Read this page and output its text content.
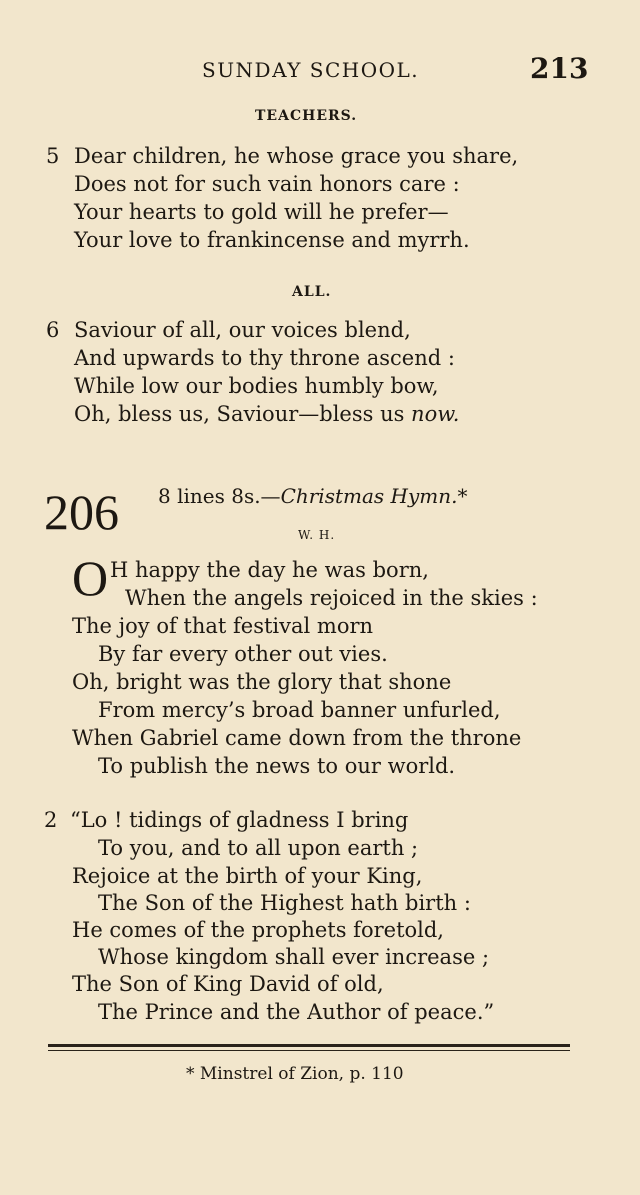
SUNDAY SCHOOL.	213
TEACHERS.
5 Dear children, he whose grace you share,
Does not for such vain honors care :
Your hearts to gold will he prefer—
Your love to frankincense and myrrh.
ALL.
6 Saviour of all, our voices blend,
And upwards to thy throne ascend :
While low our bodies humbly bow,
Oh, bless us, Saviour—bless us now.
206 8 lines 8s.—Christmas Hymn.*
W. H.
O H happy the day he was born,
When the angels rejoiced in the skies :
The joy of that festival morn
By far every other out vies.
Oh, bright was the glory that shone
From mercy’s broad banner unfurled,
When Gabriel came down from the throne
To publish the news to our world.
2 “Lo ! tidings of gladness I bring
To you, and to all upon earth ;
Rejoice at the birth of your King,
The Son of the Highest hath birth :
He comes of the prophets foretold,
Whose kingdom shall ever increase ;
The Son of King David of old,
The Prince and the Author of peace.”
* Minstrel of Zion, p. 110
